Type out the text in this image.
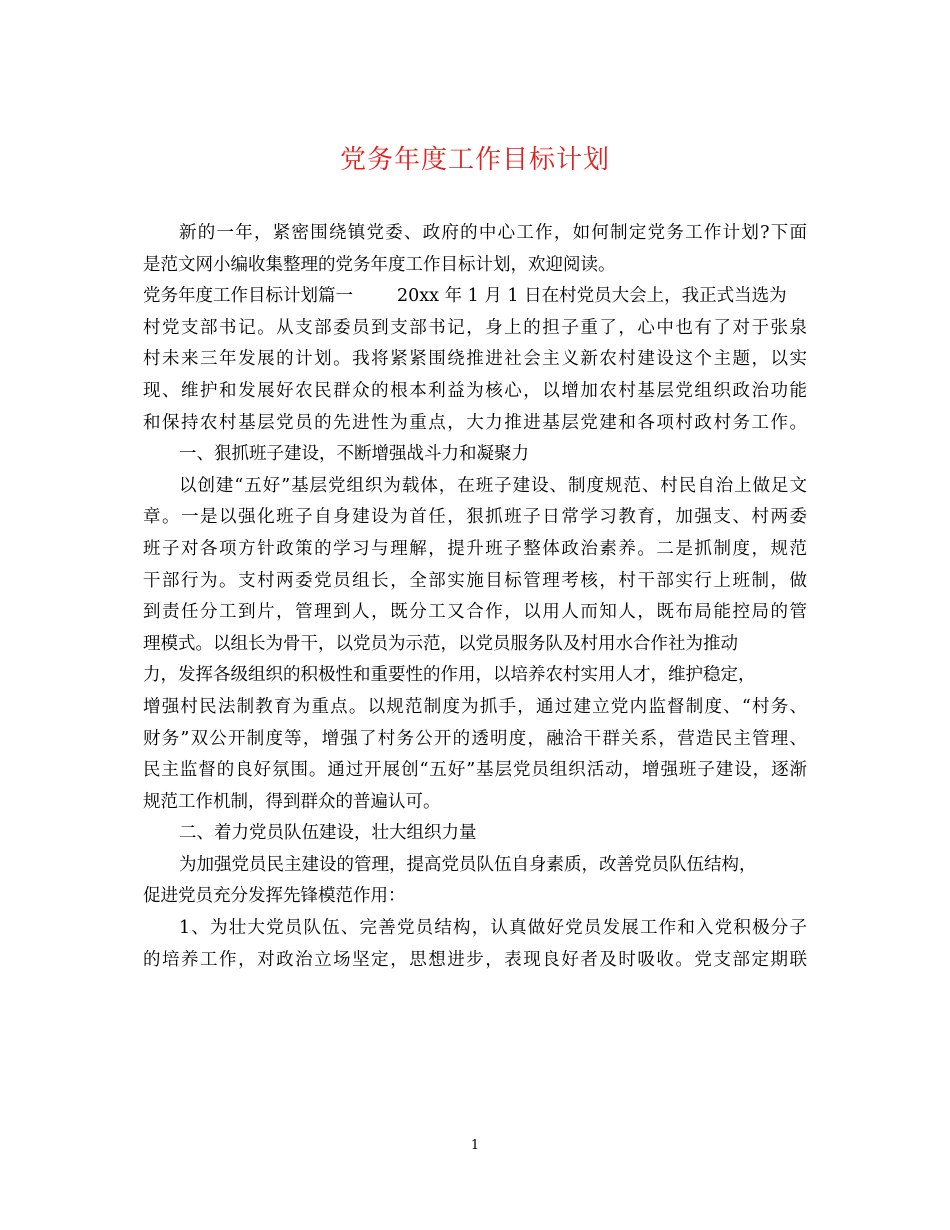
党务年度工作目标计划
新的一年，紧密围绕镇党委、政府的中心工作，如何制定党务工作计划?下面
是范文网小编收集整理的党务年度工作目标计划，欢迎阅读。
党务年度工作目标计划篇一	20xx 年 1 月 1 日在村党员大会上，我正式当选为
村党支部书记。从支部委员到支部书记，身上的担子重了，心中也有了对于张泉
村未来三年发展的计划。我将紧紧围绕推进社会主义新农村建设这个主题，以实
现、维护和发展好农民群众的根本利益为核心，以增加农村基层党组织政治功能
和保持农村基层党员的先进性为重点，大力推进基层党建和各项村政村务工作。
一、狠抓班子建设，不断增强战斗力和凝聚力
以创建“五好”基层党组织为载体，在班子建设、制度规范、村民自治上做足文
章。一是以强化班子自身建设为首任，狠抓班子日常学习教育，加强支、村两委
班子对各项方针政策的学习与理解，提升班子整体政治素养。二是抓制度，规范
干部行为。支村两委党员组长，全部实施目标管理考核，村干部实行上班制，做
到责任分工到片，管理到人，既分工又合作，以用人而知人，既布局能控局的管
理模式。以组长为骨干，以党员为示范，以党员服务队及村用水合作社为推动
力，发挥各级组织的积极性和重要性的作用，以培养农村实用人才，维护稳定，
增强村民法制教育为重点。以规范制度为抓手，通过建立党内监督制度、“村务、
财务”双公开制度等，增强了村务公开的透明度，融洽干群关系，营造民主管理、
民主监督的良好氛围。通过开展创“五好”基层党员组织活动，增强班子建设，逐渐
规范工作机制，得到群众的普遍认可。
二、着力党员队伍建设，壮大组织力量
为加强党员民主建设的管理，提高党员队伍自身素质，改善党员队伍结构，
促进党员充分发挥先锋模范作用：
1、为壮大党员队伍、完善党员结构，认真做好党员发展工作和入党积极分子
的培养工作，对政治立场坚定，思想进步，表现良好者及时吸收。党支部定期联
1
